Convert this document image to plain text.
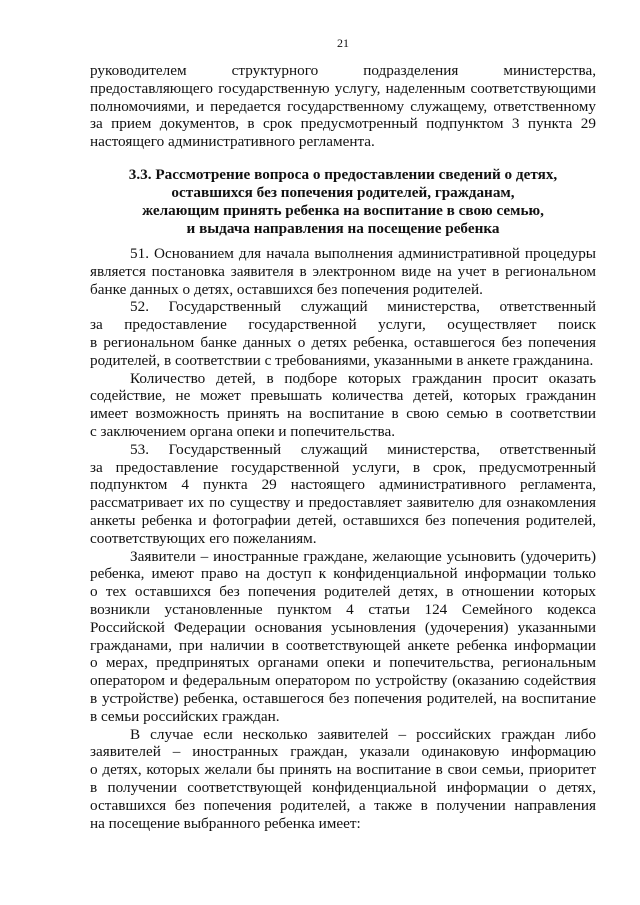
21
руководителем структурного подразделения министерства,
предоставляющего государственную услугу, наделенным соответствующими
полномочиями, и передается государственному служащему, ответственному
за прием документов, в срок предусмотренный подпунктом 3 пункта 29
настоящего административного регламента.
3.3. Рассмотрение вопроса о предоставлении сведений о детях,
оставшихся без попечения родителей, гражданам,
желающим принять ребенка на воспитание в свою семью,
и выдача направления на посещение ребенка
51. Основанием для начала выполнения административной процедуры
является постановка заявителя в электронном виде на учет в региональном
банке данных о детях, оставшихся без попечения родителей.
52. Государственный служащий министерства, ответственный
за предоставление государственной услуги, осуществляет поиск
в региональном банке данных о детях ребенка, оставшегося без попечения
родителей, в соответствии с требованиями, указанными в анкете гражданина.
Количество детей, в подборе которых гражданин просит оказать
содействие, не может превышать количества детей, которых гражданин
имеет возможность принять на воспитание в свою семью в соответствии
с заключением органа опеки и попечительства.
53. Государственный служащий министерства, ответственный
за предоставление государственной услуги, в срок, предусмотренный
подпунктом 4 пункта 29 настоящего административного регламента,
рассматривает их по существу и предоставляет заявителю для ознакомления
анкеты ребенка и фотографии детей, оставшихся без попечения родителей,
соответствующих его пожеланиям.
Заявители – иностранные граждане, желающие усыновить (удочерить)
ребенка, имеют право на доступ к конфиденциальной информации только
о тех оставшихся без попечения родителей детях, в отношении которых
возникли установленные пунктом 4 статьи 124 Семейного кодекса
Российской Федерации основания усыновления (удочерения) указанными
гражданами, при наличии в соответствующей анкете ребенка информации
о мерах, предпринятых органами опеки и попечительства, региональным
оператором и федеральным оператором по устройству (оказанию содействия
в устройстве) ребенка, оставшегося без попечения родителей, на воспитание
в семьи российских граждан.
В случае если несколько заявителей – российских граждан либо
заявителей – иностранных граждан, указали одинаковую информацию
о детях, которых желали бы принять на воспитание в свои семьи, приоритет
в получении соответствующей конфиденциальной информации о детях,
оставшихся без попечения родителей, а также в получении направления
на посещение выбранного ребенка имеет:
